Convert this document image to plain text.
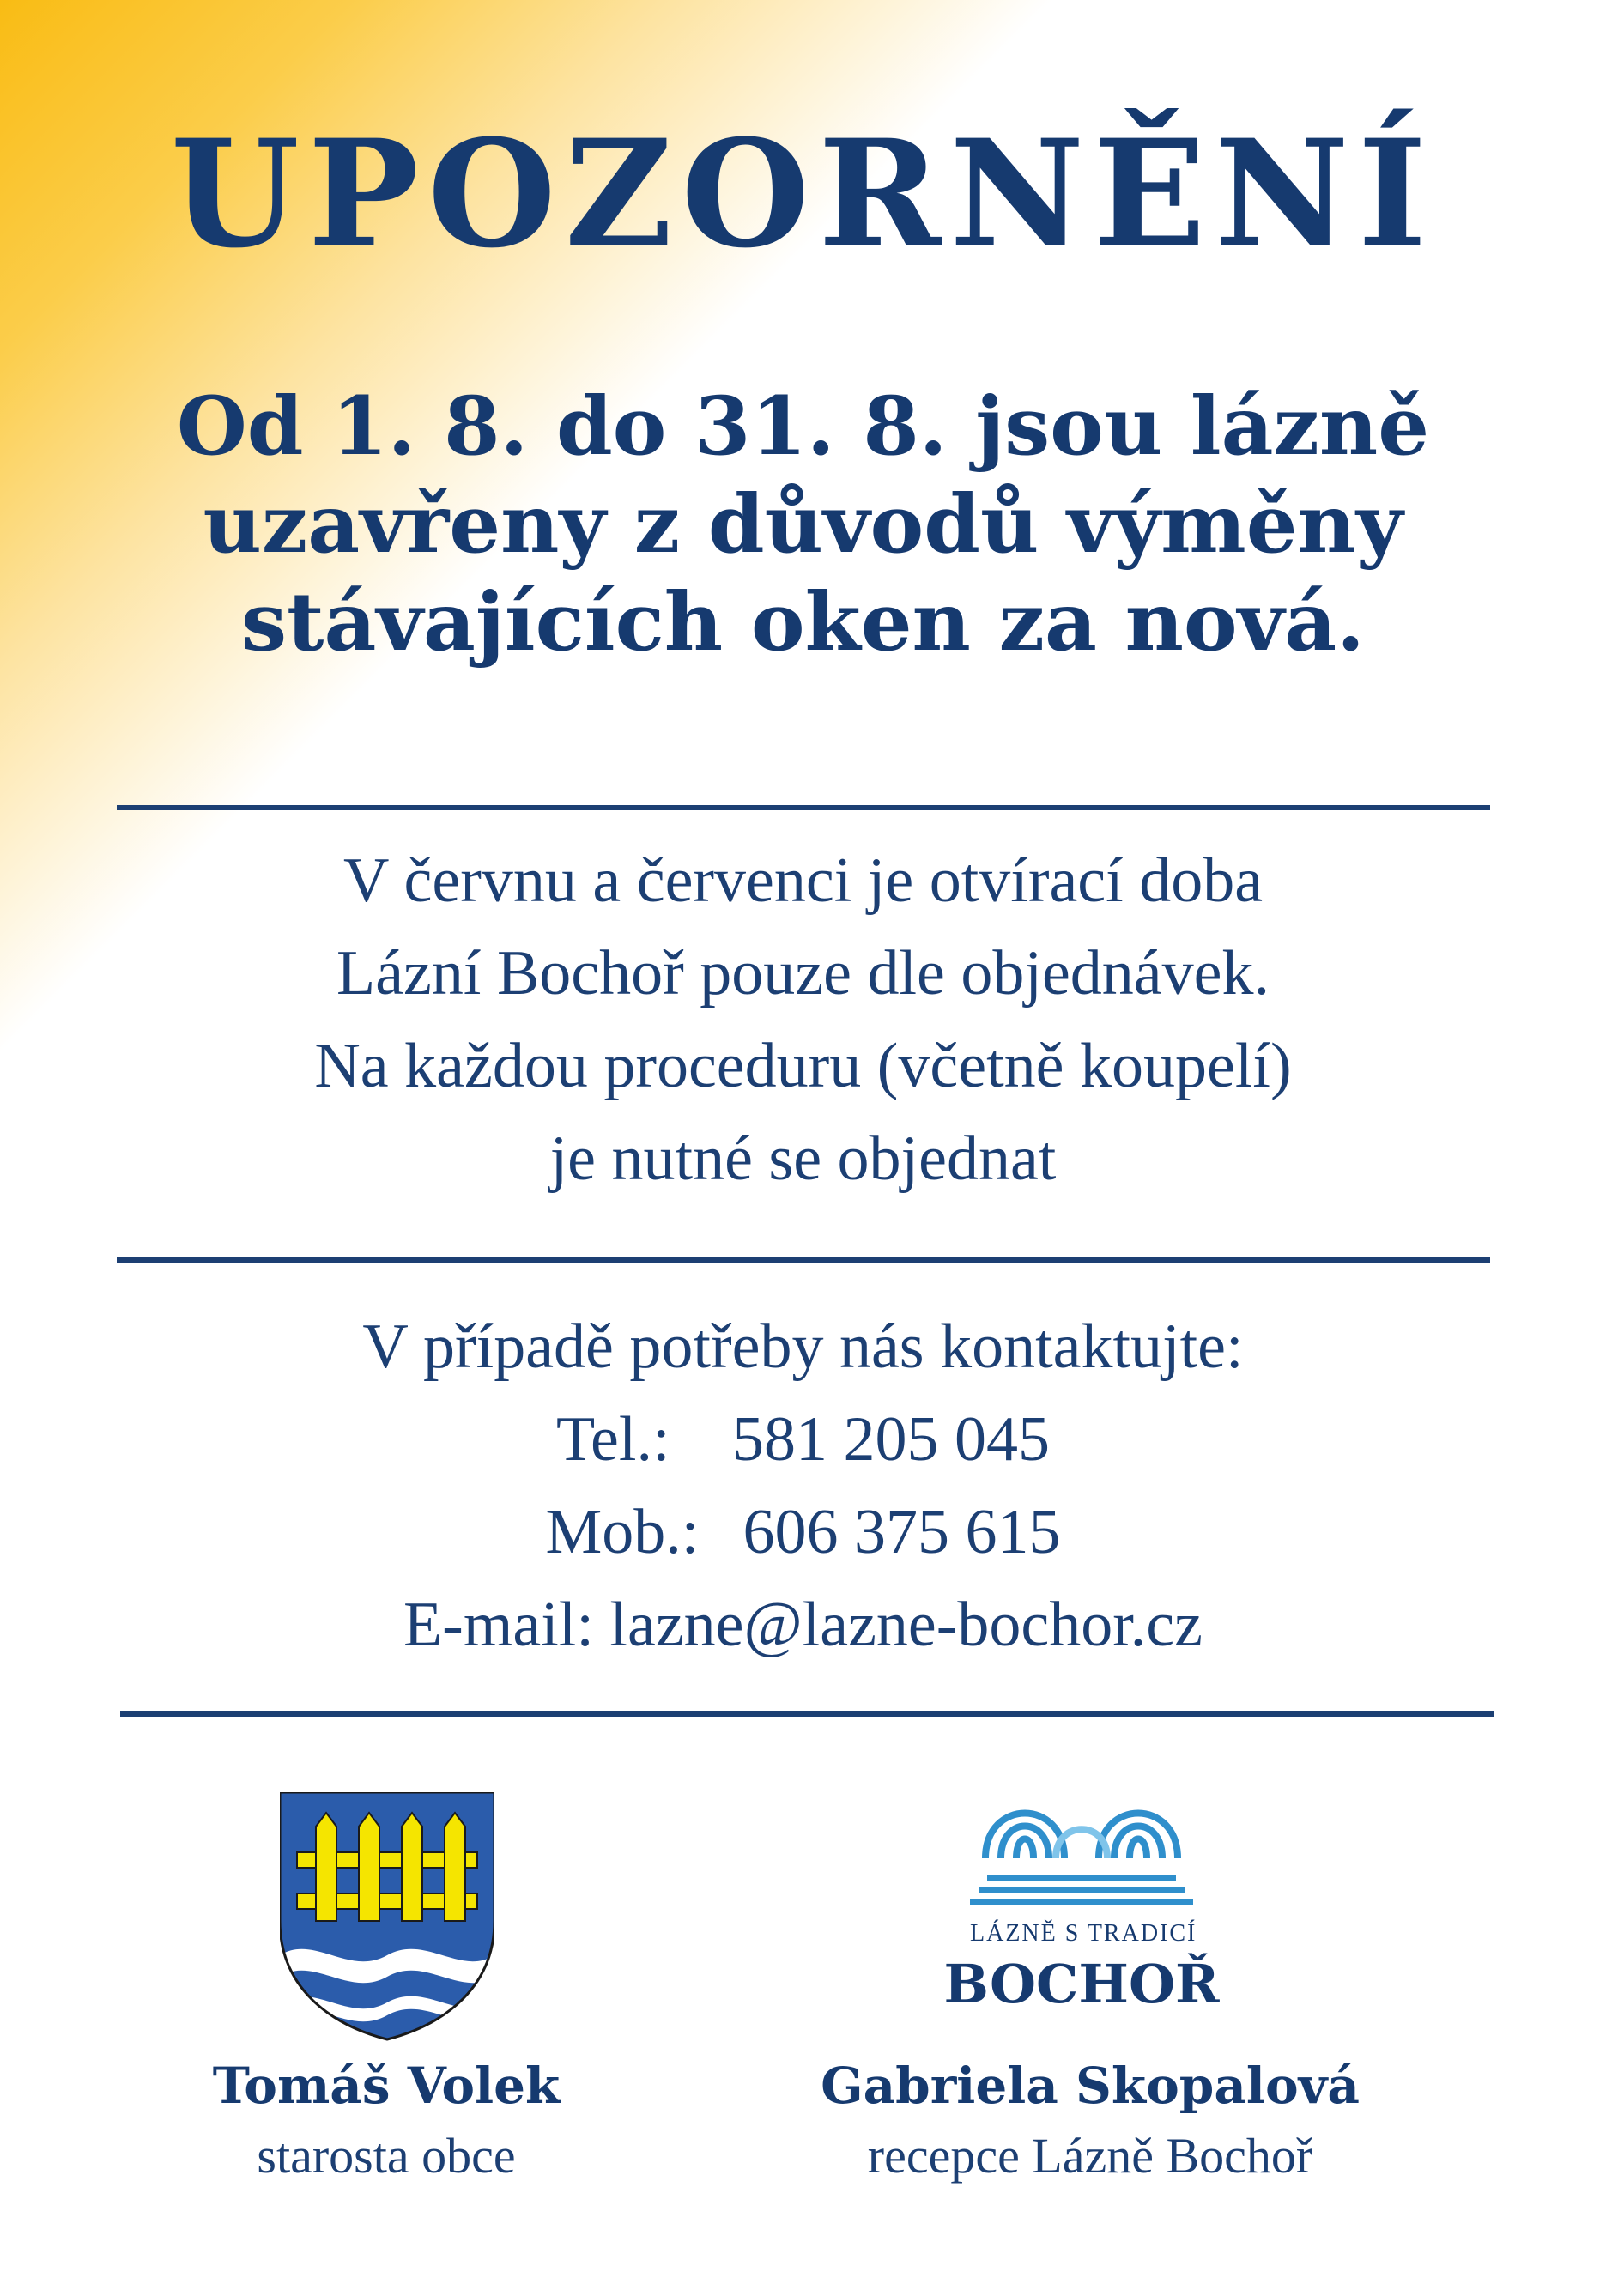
UPOZORNĚNÍ
Od 1. 8. do 31. 8. jsou lázně
uzavřeny z důvodů výměny
stávajících oken za nová.
V červnu a červenci je otvírací doba
Lázní Bochoř pouze dle objednávek.
Na každou proceduru (včetně koupelí)
je nutné se objednat
V případě potřeby nás kontaktujte:
Tel.: 581 205 045
Mob.: 606 375 615
E-mail: lazne@lazne-bochor.cz
LÁZNĚ S TRADICÍ
BOCHOŘ
Tomáš Volek
starosta obce
Gabriela Skopalová
recepce Lázně Bochoř
